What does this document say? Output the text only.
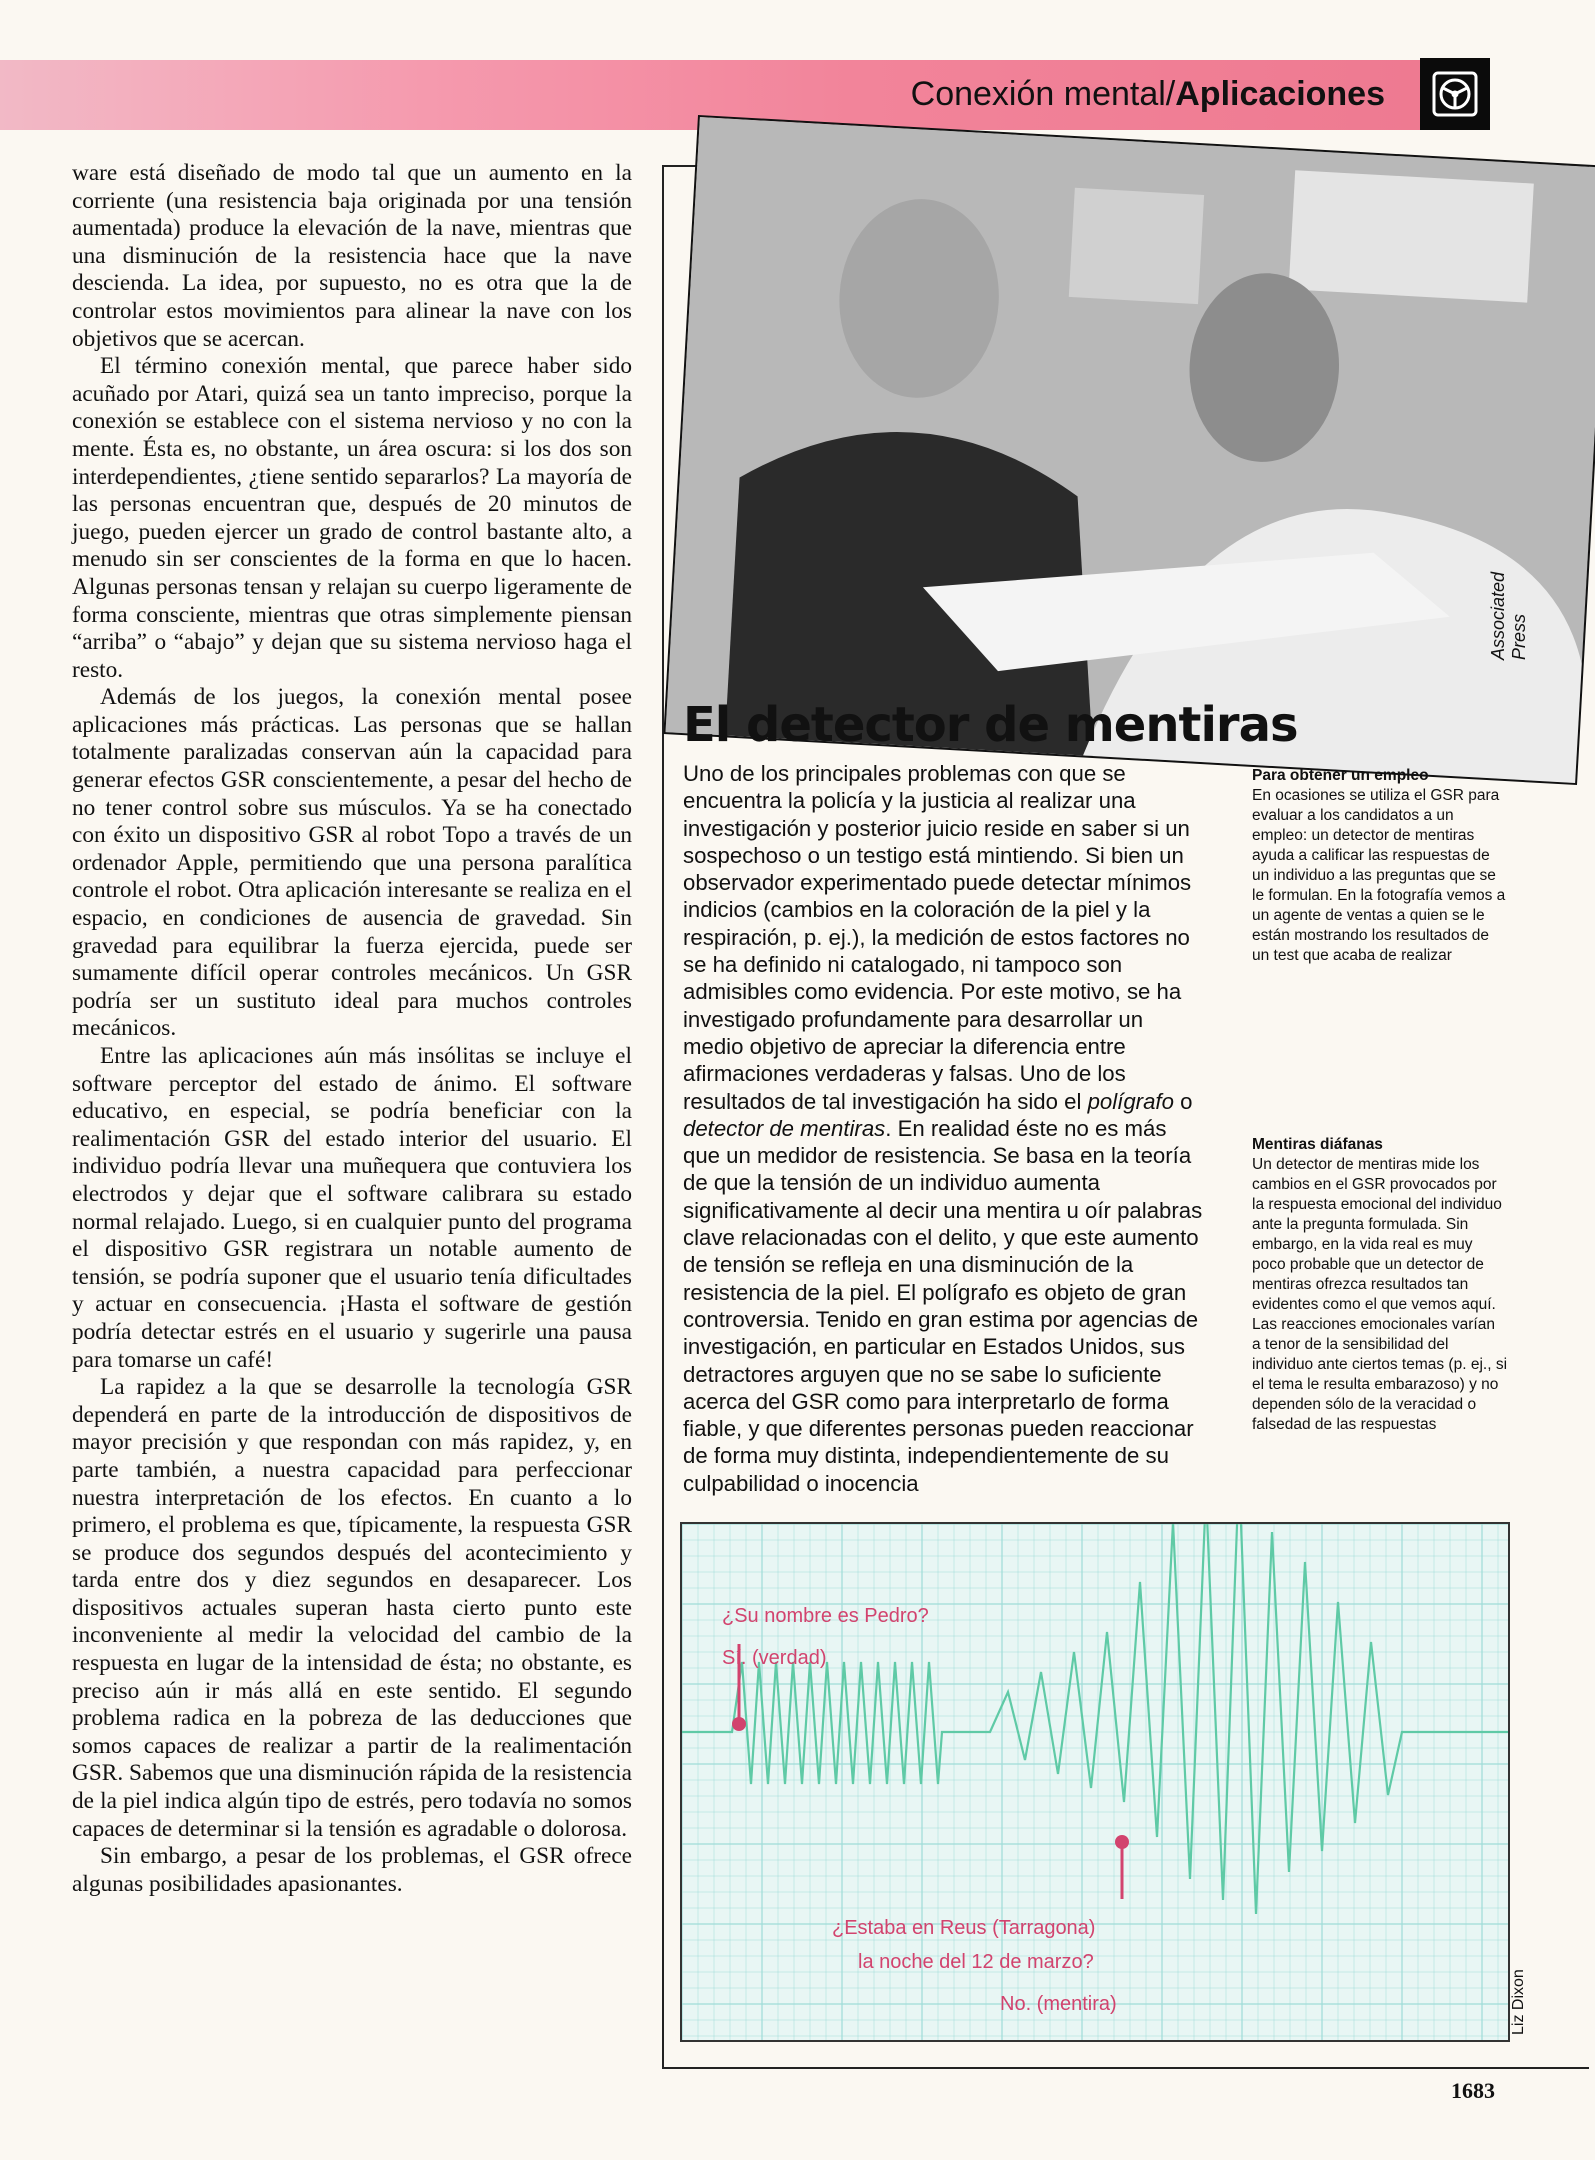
Conexión mental/Aplicaciones

ware está diseñado de modo tal que un aumento en la corriente (una resistencia baja originada por una tensión aumentada) produce la elevación de la nave, mientras que una disminución de la resistencia hace que la nave descienda. La idea, por supuesto, no es otra que la de controlar estos movimientos para alinear la nave con los objetivos que se acercan.

El término conexión mental, que parece haber sido acuñado por Atari, quizá sea un tanto impreciso, porque la conexión se establece con el sistema nervioso y no con la mente. Ésta es, no obstante, un área oscura: si los dos son interdependientes, ¿tiene sentido separarlos? La mayoría de las personas encuentran que, después de 20 minutos de juego, pueden ejercer un grado de control bastante alto, a menudo sin ser conscientes de la forma en que lo hacen. Algunas personas tensan y relajan su cuerpo ligeramente de forma consciente, mientras que otras simplemente piensan “arriba” o “abajo” y dejan que su sistema nervioso haga el resto.

Además de los juegos, la conexión mental posee aplicaciones más prácticas. Las personas que se hallan totalmente paralizadas conservan aún la capacidad para generar efectos GSR conscientemente, a pesar del hecho de no tener control sobre sus músculos. Ya se ha conectado con éxito un dispositivo GSR al robot Topo a través de un ordenador Apple, permitiendo que una persona paralítica controle el robot. Otra aplicación interesante se realiza en el espacio, en condiciones de ausencia de gravedad. Sin gravedad para equilibrar la fuerza ejercida, puede ser sumamente difícil operar controles mecánicos. Un GSR podría ser un sustituto ideal para muchos controles mecánicos.

Entre las aplicaciones aún más insólitas se incluye el software perceptor del estado de ánimo. El software educativo, en especial, se podría beneficiar con la realimentación GSR del estado interior del usuario. El individuo podría llevar una muñequera que contuviera los electrodos y dejar que el software calibrara su estado normal relajado. Luego, si en cualquier punto del programa el dispositivo GSR registrara un notable aumento de tensión, se podría suponer que el usuario tenía dificultades y actuar en consecuencia. ¡Hasta el software de gestión podría detectar estrés en el usuario y sugerirle una pausa para tomarse un café!

La rapidez a la que se desarrolle la tecnología GSR dependerá en parte de la introducción de dispositivos de mayor precisión y que respondan con más rapidez, y, en parte también, a nuestra capacidad para perfeccionar nuestra interpretación de los efectos. En cuanto a lo primero, el problema es que, típicamente, la respuesta GSR se produce dos segundos después del acontecimiento y tarda entre dos y diez segundos en desaparecer. Los dispositivos actuales superan hasta cierto punto este inconveniente al medir la velocidad del cambio de la respuesta en lugar de la intensidad de ésta; no obstante, es preciso aún ir más allá en este sentido. El segundo problema radica en la pobreza de las deducciones que somos capaces de realizar a partir de la realimentación GSR. Sabemos que una disminución rápida de la resistencia de la piel indica algún tipo de estrés, pero todavía no somos capaces de determinar si la tensión es agradable o dolorosa.

Sin embargo, a pesar de los problemas, el GSR ofrece algunas posibilidades apasionantes.

Associated Press
El detector de mentiras
Uno de los principales problemas con que se encuentra la policía y la justicia al realizar una investigación y posterior juicio reside en saber si un sospechoso o un testigo está mintiendo. Si bien un observador experimentado puede detectar mínimos indicios (cambios en la coloración de la piel y la respiración, p. ej.), la medición de estos factores no se ha definido ni catalogado, ni tampoco son admisibles como evidencia. Por este motivo, se ha investigado profundamente para desarrollar un medio objetivo de apreciar la diferencia entre afirmaciones verdaderas y falsas. Uno de los resultados de tal investigación ha sido el polígrafo o detector de mentiras. En realidad éste no es más que un medidor de resistencia. Se basa en la teoría de que la tensión de un individuo aumenta significativamente al decir una mentira u oír palabras clave relacionadas con el delito, y que este aumento de tensión se refleja en una disminución de la resistencia de la piel. El polígrafo es objeto de gran controversia. Tenido en gran estima por agencias de investigación, en particular en Estados Unidos, sus detractores arguyen que no se sabe lo suficiente acerca del GSR como para interpretarlo de forma fiable, y que diferentes personas pueden reaccionar de forma muy distinta, independientemente de su culpabilidad o inocencia
Para obtener un empleo
En ocasiones se utiliza el GSR para evaluar a los candidatos a un empleo: un detector de mentiras ayuda a calificar las respuestas de un individuo a las preguntas que se le formulan. En la fotografía vemos a un agente de ventas a quien se le están mostrando los resultados de un test que acaba de realizar
Mentiras diáfanas
Un detector de mentiras mide los cambios en el GSR provocados por la respuesta emocional del individuo ante la pregunta formulada. Sin embargo, en la vida real es muy poco probable que un detector de mentiras ofrezca resultados tan evidentes como el que vemos aquí. Las reacciones emocionales varían a tenor de la sensibilidad del individuo ante ciertos temas (p. ej., si el tema le resulta embarazoso) y no dependen sólo de la veracidad o falsedad de las respuestas
¿Su nombre es Pedro?
Sí. (verdad)
¿Estaba en Reus (Tarragona)
la noche del 12 de marzo?
No. (mentira)	Liz Dixon
1683
